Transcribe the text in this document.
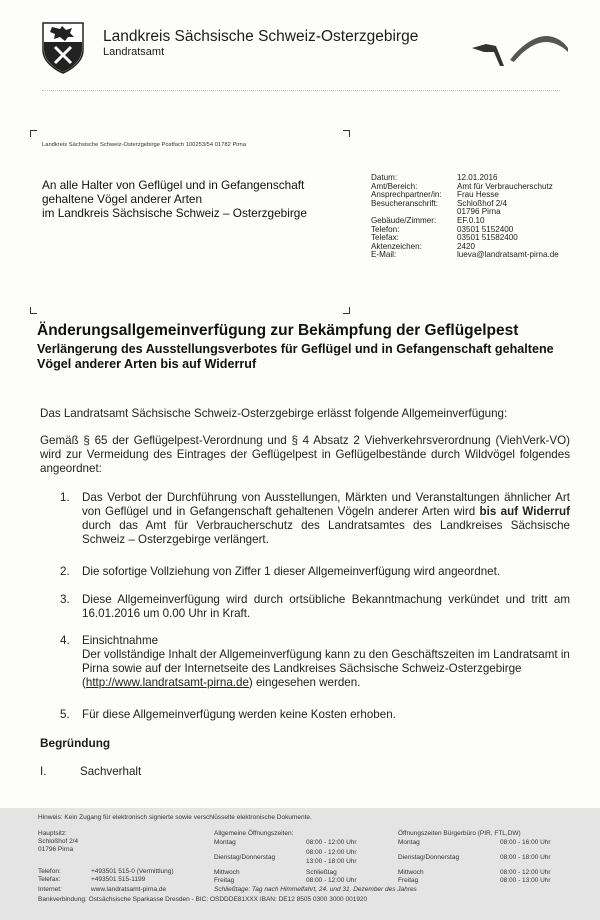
Landkreis Sächsische Schweiz-Osterzgebirge
Landratsamt
Landkreis Sächsische Schweiz-Osterzgebirge Postfach 100253/54 01782 Pirna
An alle Halter von Geflügel und in Gefangenschaft
gehaltene Vögel anderer Arten
im Landkreis Sächsische Schweiz – Osterzgebirge
Datum:	12.01.2016
Amt/Bereich:	Amt für Verbraucherschutz
Ansprechpartner/in:	Frau Hesse
Besucheranschrift:	Schloßhof 2/4
	01796 Pirna
Gebäude/Zimmer:	EF.0.10
Telefon:	03501 5152400
Telefax:	03501 51582400
Aktenzeichen:	2420
E-Mail:	lueva@landratsamt-pirna.de
Änderungsallgemeinverfügung zur Bekämpfung der Geflügelpest
Verlängerung des Ausstellungsverbotes für Geflügel und in Gefangenschaft gehaltene Vögel anderer Arten bis auf Widerruf
Das Landratsamt Sächsische Schweiz-Osterzgebirge erlässt folgende Allgemeinverfügung:
Gemäß § 65 der Geflügelpest-Verordnung und § 4 Absatz 2 Viehverkehrsverordnung (ViehVerk-VO) wird zur Vermeidung des Eintrages der Geflügelpest in Geflügelbestände durch Wildvögel folgendes angeordnet:
1.	Das Verbot der Durchführung von Ausstellungen, Märkten und Veranstaltungen ähnlicher Art von Geflügel und in Gefangenschaft gehaltenen Vögeln anderer Arten wird bis auf Widerruf durch das Amt für Verbraucherschutz des Landratsamtes des Landkreises Sächsische Schweiz – Osterzgebirge verlängert.
2.	Die sofortige Vollziehung von Ziffer 1 dieser Allgemeinverfügung wird angeordnet.
3.	Diese Allgemeinverfügung wird durch ortsübliche Bekanntmachung verkündet und tritt am 16.01.2016 um 0.00 Uhr in Kraft.
4.	Einsichtnahme
Der vollständige Inhalt der Allgemeinverfügung kann zu den Geschäftszeiten im Landratsamt in Pirna sowie auf der Internetseite des Landkreises Sächsische Schweiz-Osterzgebirge (http://www.landratsamt-pirna.de) eingesehen werden.
5.	Für diese Allgemeinverfügung werden keine Kosten erhoben.
Begründung
I.	Sachverhalt
Hinweis: Kein Zugang für elektronisch signierte sowie verschlüsselte elektronische Dokumente.
Hauptsitz:
Schloßhof 2/4
01796 Pirna
Telefon:	+493501 515-0 (Vermittlung)
Telefax:	+493501 515-1199
Internet:	www.landratsamt-pirna.de
Allgemeine Öffnungszeiten:
Montag	08:00 - 12:00 Uhr
Dienstag/Donnerstag
08:00 - 12:00 Uhr
13:00 - 18:00 Uhr
Mittwoch	Schließtag
Freitag	08:00 - 12:00 Uhr
Schließtage: Tag nach Himmelfahrt, 24. und 31. Dezember des Jahres
Öffnungszeiten Bürgerbüro (PIR, FTL,DW)
Montag	08:00 - 16:00 Uhr
Dienstag/Donnerstag	08:00 - 18:00 Uhr
Mittwoch	08:00 - 12:00 Uhr
Freitag	08:00 - 13:00 Uhr
Bankverbindung: Ostsächsische Sparkasse Dresden - BIC: OSDDDE81XXX IBAN: DE12 8505 0300 3000 001920
